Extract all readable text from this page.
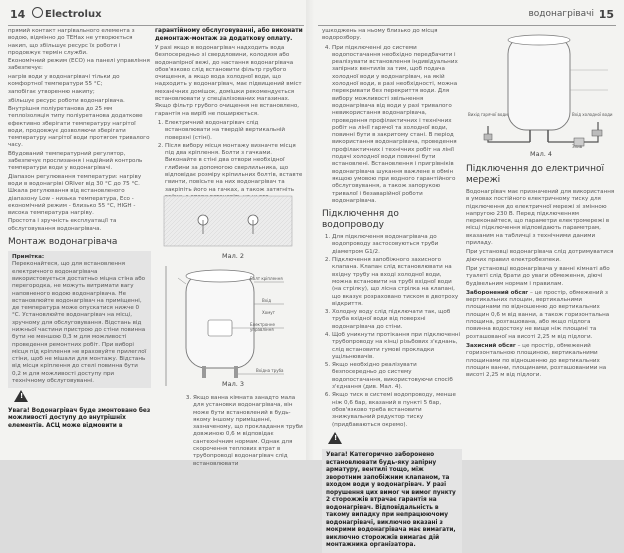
14	Electrolux
прямий контакт нагрівального елемента з водою, відмінно до ТЕНах не утворюється накип, що збільшує ресурс їх роботи і продовжує термін служби.
Економічний режим (ECO) на панелі управління забезпечує:
нагрів води у водонагрівачі тільки до комфортної температури 55 °С;
запобігає утворенню накипу;
збільшує ресурс роботи водонагрівача.
Внутрішня поліуретанова до 25 мм теплоізоляція типу поліуретанова додаткове ефективно зберігати температуру нагрітої води, продовжує дозволяючи зберігати температуру нагрітої води протягом тривалого часу.
Вбудований температурний регулятор, забезпечує прослизання і надійний контроль температури води у водонагрівачі.
Діапазон регулювання температури: нагріву води в водонагріві ORIver від 30 °С до 75 °С. Шкала регулювання від встановленого діапазону Low - низька температура, Eco - економічний режим - близько 55 °С, HIGH - висока температура нагріву.
Простота і зручність експлуатації та обслуговування водонагрівача.
Монтаж водонагрівача
Примітка:
Переконайтеся, що для встановлення електричного водонагрівача використовується достатньо міцна стіна або перегородка, не можуть витримати вагу наповненого водою водонагрівача. Не встановлюйте водонагрівач на приміщенні, де температура може опускатися нижче 0 °С. Установлюйте водонагрівач на місці, зручному для обслуговування. Відстань від нижньої частини пристрою до стіни повинна бути не меншою 0,3 м для можливості проведення ремонтних робіт. При виборі місця під кріплення не враховуйте прилеглої стіни, щоб не мішали для монтажу. Відстань від місця кріплення до стелі повинна бути 0,2 м для можливості доступу при технічному обслуговуванні.
!
Увага! Водонагрівач буде змонтовано без можливості доступу до внутрішніх елементів. АСЦ може відмовити в

гарантійному обслуговуванні, або виконати демонтаж-монтаж за додаткову оплату.

У разі якщо в водонагрівач надходить вода безпосередньо зі свердловини, колодязя або водонапірної вежі, до настання водонагрівача обов'язково слід встановити фільтр грубого очищення, а якщо вода холодної води, що надходить у водонагрівач, має підвищений вміст механічних домішок, домішки рекомендується встановлювати у спеціалізованих магазинах. Якщо фільтр грубого очищення не встановлено, гарантія на виріб не поширюється.

1. Електричний водонагрівач слід встановлювати на твердій вертикальній поверхні (стіні).
2. Після вибору місця монтажу визначте місця під два кріплення. Болти з гачками. Виконайте в стіні два отвори необхідної глибини за допомогою сверлильника, що відповідає розміру кріпильних болтів, вставте гвинти, повісьте на них водонагрівач та закріпіть його на гачках, а також затягніть
Мал. 2
Болт кріплення
Вхід
Хомут
Електронне управління
Вхідна труба
Мал. 3
3. Якщо ванна кімната занадто мала для установки водонагрівача, він може бути встановлений в будь-якому іншому приміщенні, зазначеному, що прокладання труби довжиною 0,6 м відповідає сантехнічним нормам. Однак для скорочення теплових втрат в трубопроводі водонагрівач слід встановлювати
водонагрівачі 15

ушкоджень на ньому близько до місця водорозбору.

4. При підключенні до системи водопостачання необхідно передбачити і реалізувати встановлення індивідуальних запірних вентилів за тим, щоб подача холодної води у водонагрівач, на якій холодної води, в разі необхідності, можна перекривати без перекриття води. Для вибору можливості звільнення водонагрівача від води у разі тривалого невикористання водонагрівача, проведення профілактичних і технічних робіт на лінії гарячої та холодної води, повинні бути в закритому стані. В період використання водонагрівача, проведення профілактичних і технічних робіт на лінії подачі холодної води повинні бути встановлені. Встановлення і пригрівніків водонагрівача шукання важлене в обмін якщою умовою при водного гарантійного обслуговування, а також запорукою тривалої і безаварійної роботи водонагрівача.
Підключення до водопроводу
1. Для підключення водонагрівача до водопроводу застосовуються труби діаметром G1/2.
2. Підключення запобіжного захисного клапана. Клапан слід встановлювати на вхідну трубу на вході холодної води, можна встановити на трубі вхідної води (на стрілку), що лісна стрілка на клапані, що вказує розраховано тиском в двотроху відкриття.
3. Холодну воду слід підключати так, щоб труба вхідної води від поверхні водонагрівача до стіни.
4. Щоб уникнути протікання при підключенні трубопроводу на кінці різьбових з'єднань, слід встановити гумові прокладки ущільнювачів.
5. Якщо необхідно реалізувати безпосередньо до систему водопостачання, використовуючи спосіб з'єднання (див. Мал. 4).
6. Якщо тиск в системі водопроводу, менше ніж 0,6 бар, вказаний в пункті 5 бар, обов'язково треба встановити знижувальний редуктор тиску (придбаваються окремо).
!
Увага! Категорично заборонено встановлювати будь-яку запірну арматуру, вентилі тощо, між зворотним запобіжним клапаном, та входом води у водонагрівач. У разі порушення цих вимог чи вимог пункту 2 сторожжів втрачає гарантія на водонагрівач. Відповідальність в такому випадку при непрацюючому водонагрівачі, виключно вказані з мокрими водонагрівача має вимагати, виключно сторожжів вимагає дій монтажника організатора.
Вихід гарячої води	Вхід холодної води
Злив
Мал. 4
Підключення до електричної мережі

Водонагрівач має призначений для використання в умовах постійного електричному тиску для підключення до електричної мережі зі змінною напругою 230 В. Перед підключенням переконайтеся, що параметри електромережі в місці підключення відповідають параметрам, вказаним на табличці з технічними даними приладу.

При установці водонагрівача слід дотримуватися діючих правил електробезпеки.

При установці водонагрівача у ванні кімнаті або туалеті слід брати до уваги обмеження, діючі будівельним нормам і правилам.

Заборонений обсяг – це простір, обмежений з вертикальних площин, вертикальними площинами по відношенню до вертикальних площин 0,6 м від ванни, а також горизонтальна площина, розташована, або якщо підлога повинна водостоку не вище ніж площині та розташованої на висоті 2,25 м від підлоги.

Захисний обсяг – це простір, обмежений горизонтальною площиною, вертикальними площинами по відношенню до вертикальних площин ванни, площинами, розташованими на висоті 2,25 м від підлоги.
